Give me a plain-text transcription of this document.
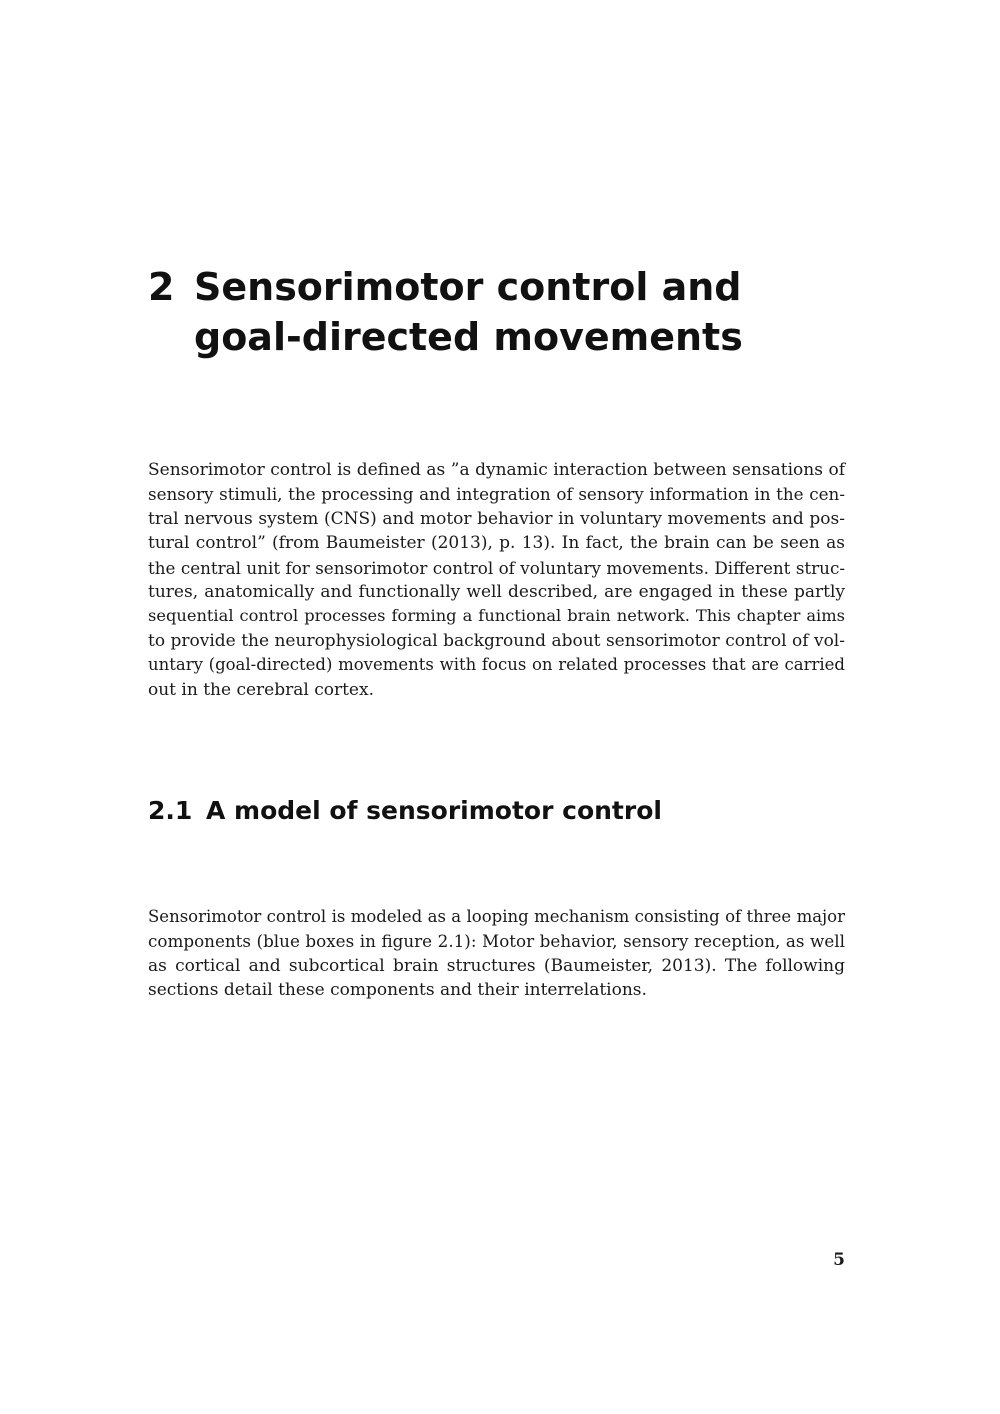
2 Sensorimotor control and
goal-directed movements
Sensorimotor control is defined as ”a dynamic interaction between sensations of
sensory stimuli, the processing and integration of sensory information in the cen-
tral nervous system (CNS) and motor behavior in voluntary movements and pos-
tural control” (from Baumeister (2013), p. 13). In fact, the brain can be seen as
the central unit for sensorimotor control of voluntary movements. Different struc-
tures, anatomically and functionally well described, are engaged in these partly
sequential control processes forming a functional brain network. This chapter aims
to provide the neurophysiological background about sensorimotor control of vol-
untary (goal-directed) movements with focus on related processes that are carried
out in the cerebral cortex.
2.1 A model of sensorimotor control
Sensorimotor control is modeled as a looping mechanism consisting of three major
components (blue boxes in figure 2.1): Motor behavior, sensory reception, as well
as cortical and subcortical brain structures (Baumeister, 2013). The following
sections detail these components and their interrelations.
5
